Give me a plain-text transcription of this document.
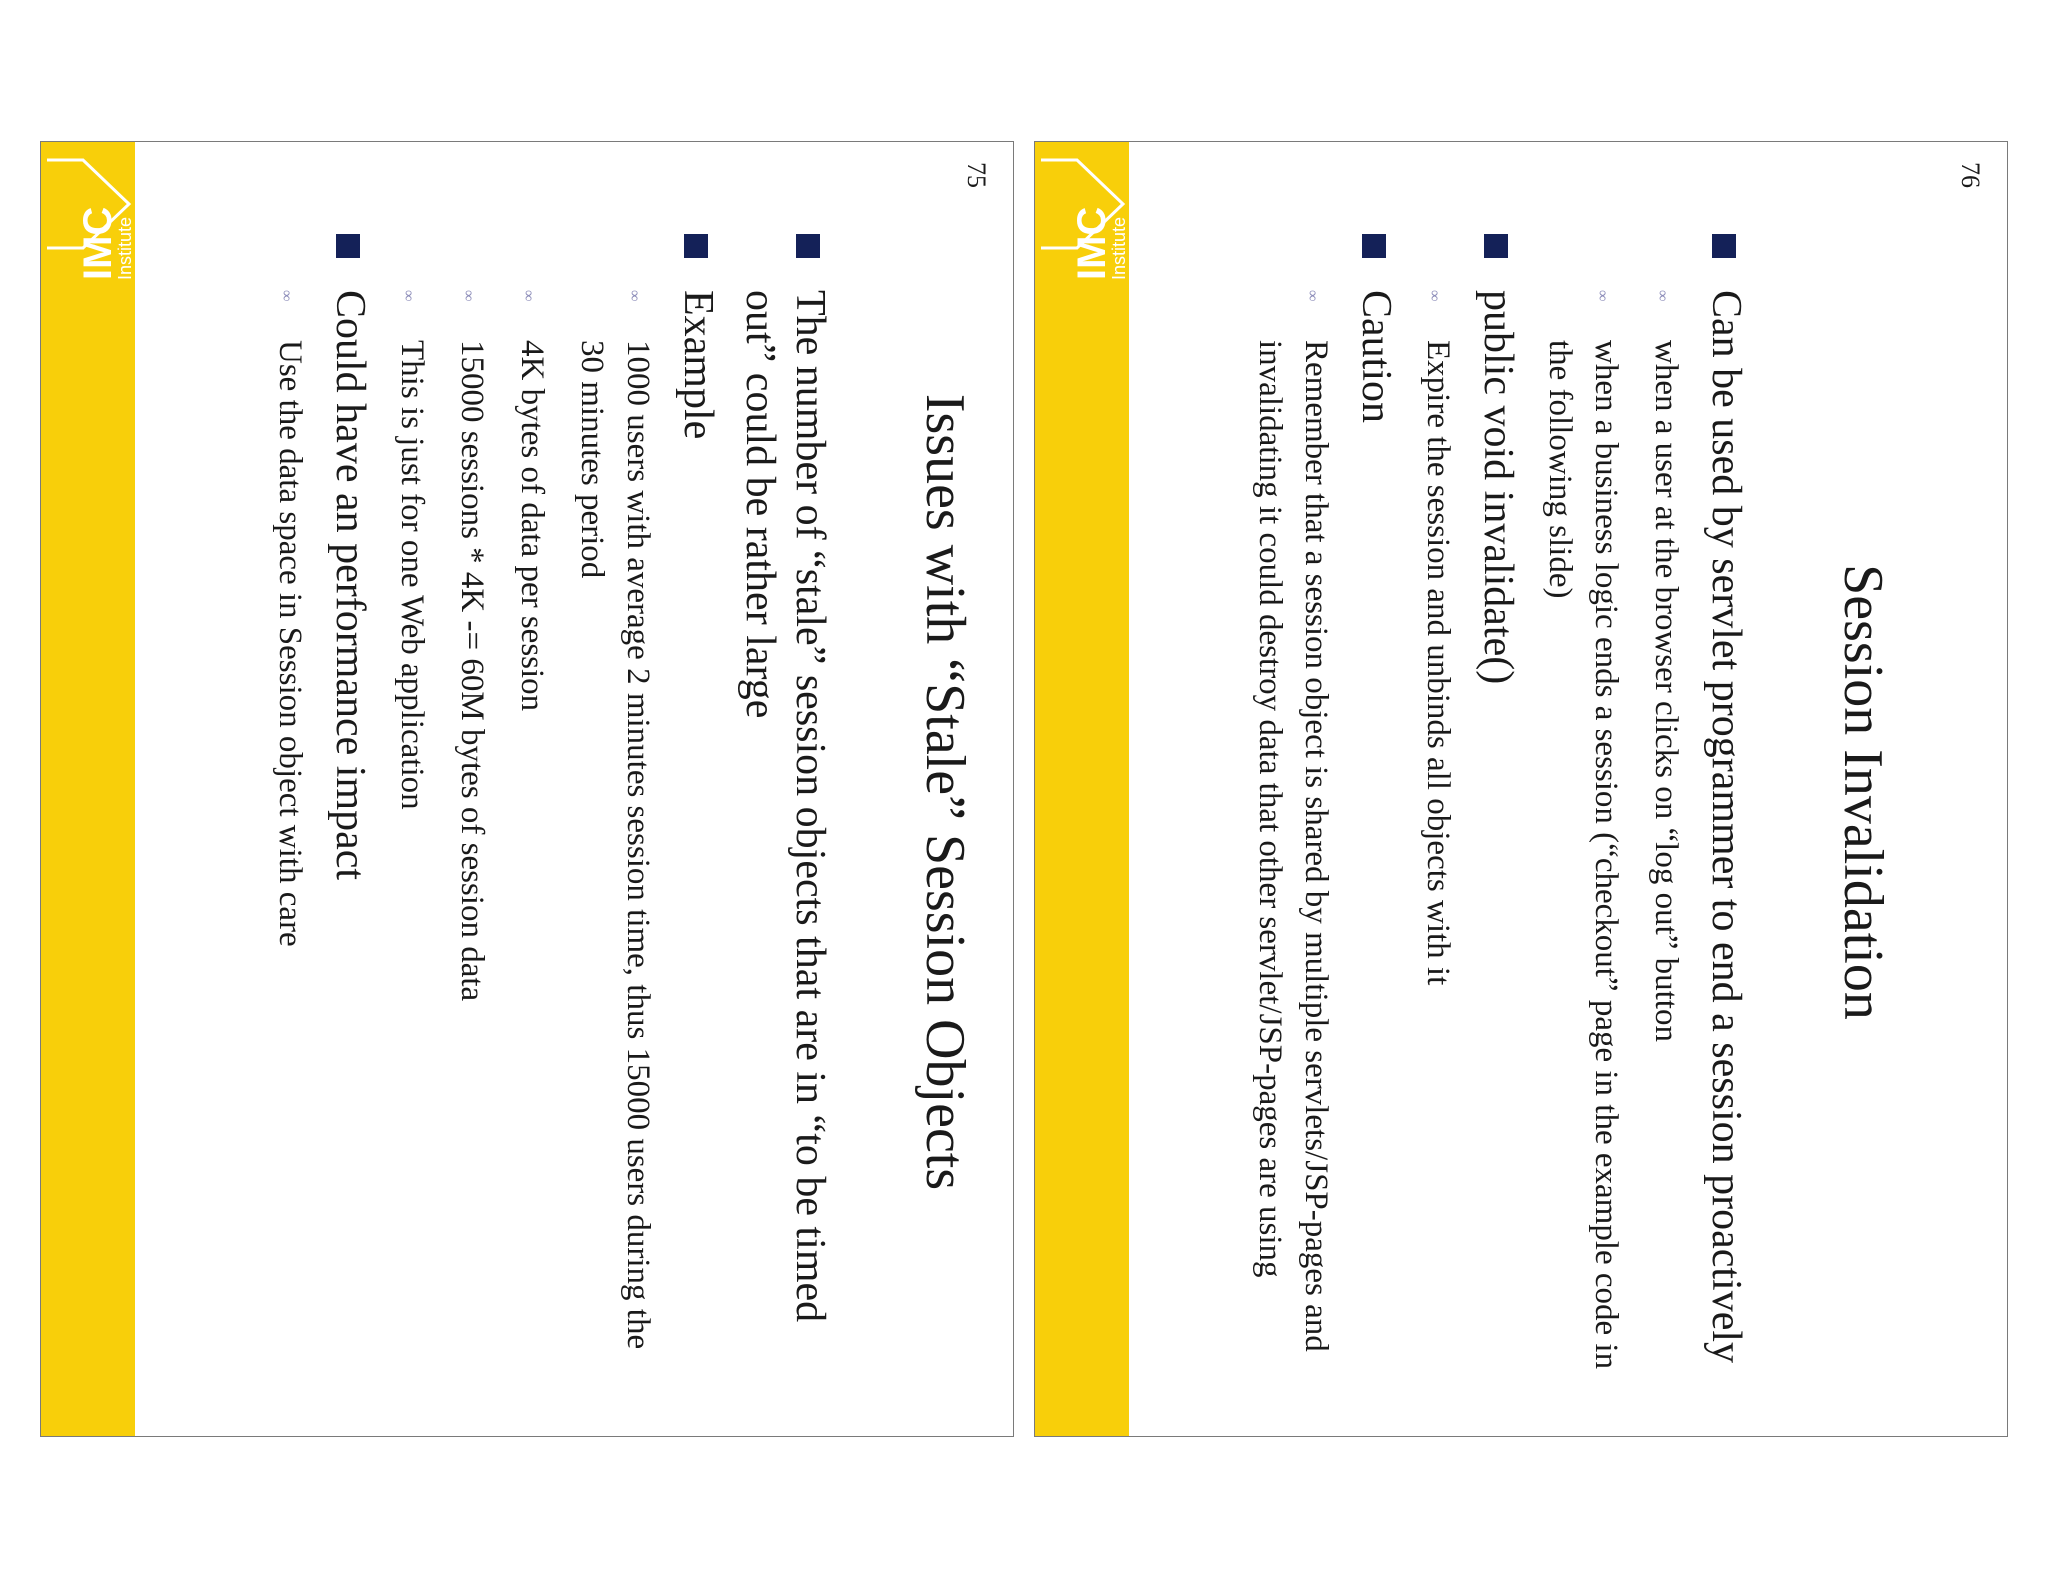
IMC
Institute
Issues with “Stale” Session Objects
The number of “stale” session objects that are in “to be timed out” could be rather large
Example
∞
1000 users with average 2 minutes session time, thus 15000 users during the 30 minutes period
∞
4K bytes of data per session
∞
15000 sessions * 4K -= 60M bytes of session data
∞
This is just for one Web application
Could have an performance impact
∞
Use the data space in Session object with care
75
IMC
Institute
Session Invalidation
Can be used by servlet programmer to end a session proactively
∞
when a user at the browser clicks on “log out” button
∞
when a business logic ends a session (“checkout” page in the example code in the following slide)
public void invalidate()
∞
Expire the session and unbinds all objects with it
Caution
∞
Remember that a session object is shared by multiple servlets/JSP-pages and invalidating it could destroy data that other servlet/JSP-pages are using
76
